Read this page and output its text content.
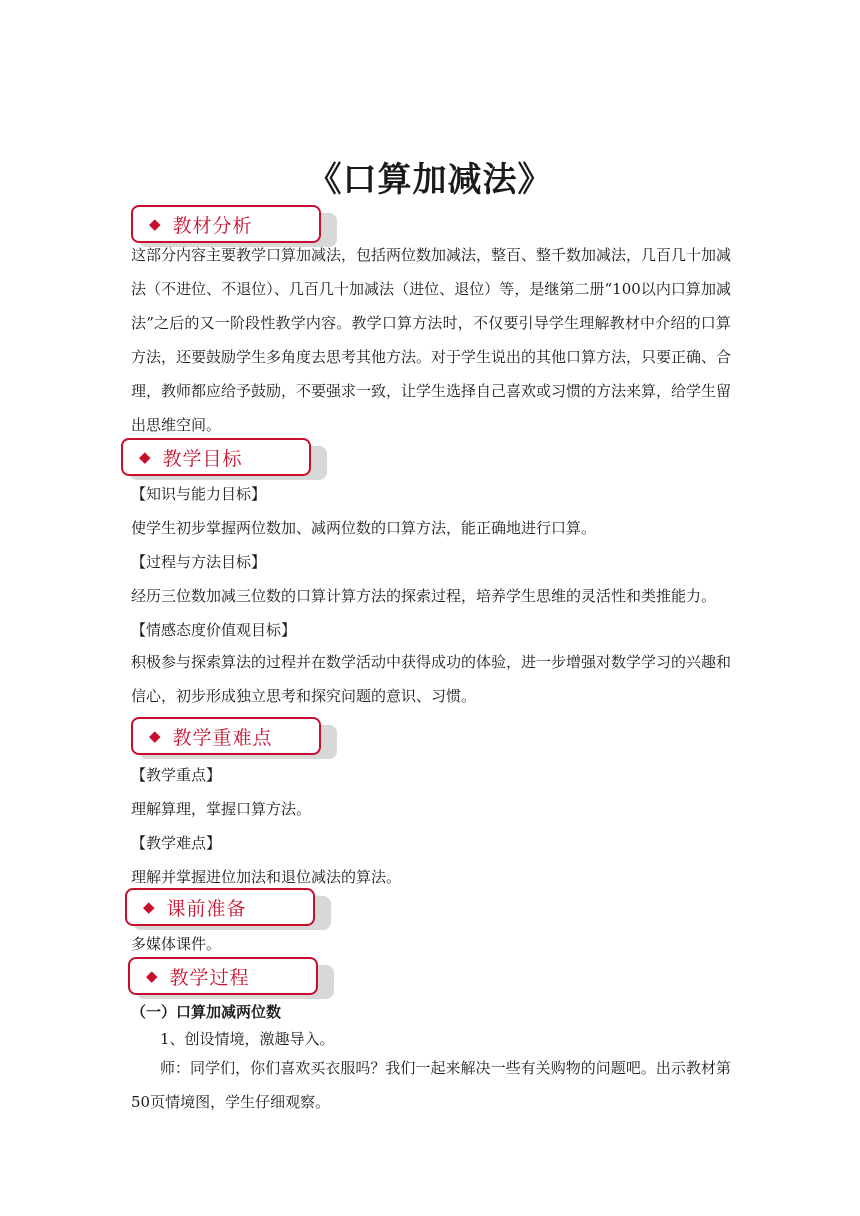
《口算加减法》
◆ 教材分析
这部分内容主要教学口算加减法，包括两位数加减法，整百、整千数加减法，几百几十加减法（不进位、不退位）、几百几十加减法（进位、退位）等，是继第二册“100以内口算加减法”之后的又一阶段性教学内容。教学口算方法时，不仅要引导学生理解教材中介绍的口算方法，还要鼓励学生多角度去思考其他方法。对于学生说出的其他口算方法，只要正确、合理，教师都应给予鼓励，不要强求一致，让学生选择自己喜欢或习惯的方法来算，给学生留出思维空间。
◆ 教学目标
【知识与能力目标】
使学生初步掌握两位数加、减两位数的口算方法，能正确地进行口算。
【过程与方法目标】
经历三位数加减三位数的口算计算方法的探索过程，培养学生思维的灵活性和类推能力。
【情感态度价值观目标】
积极参与探索算法的过程并在数学活动中获得成功的体验，进一步增强对数学学习的兴趣和信心，初步形成独立思考和探究问题的意识、习惯。
◆ 教学重难点
【教学重点】
理解算理，掌握口算方法。
【教学难点】
理解并掌握进位加法和退位减法的算法。
◆ 课前准备
多媒体课件。
◆ 教学过程
（一）口算加减两位数
1、创设情境，激趣导入。
师：同学们，你们喜欢买衣服吗？我们一起来解决一些有关购物的问题吧。出示教材第50页情境图，学生仔细观察。
